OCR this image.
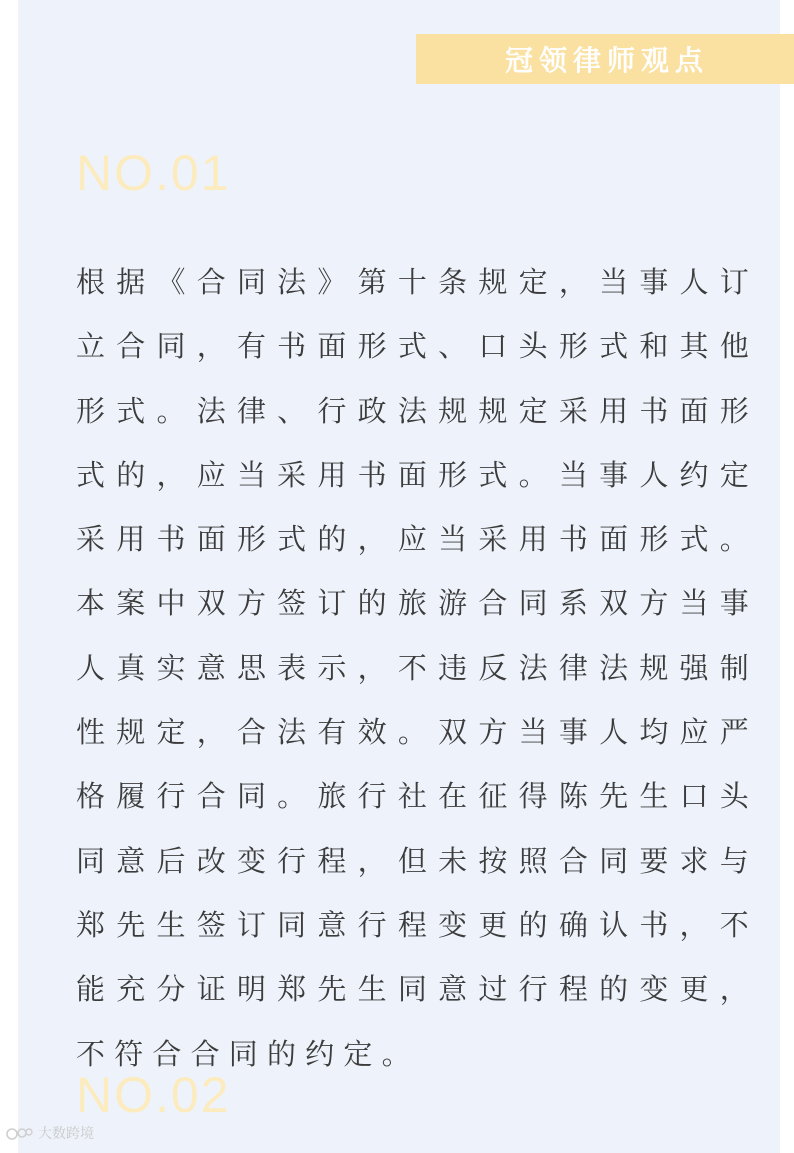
冠领律师观点
NO.01

根据《合同法》第十条规定，当事人订立合同，有书面形式、口头形式和其他形式。法律、行政法规规定采用书面形式的，应当采用书面形式。当事人约定采用书面形式的，应当采用书面形式。本案中双方签订的旅游合同系双方当事人真实意思表示，不违反法律法规强制性规定，合法有效。双方当事人均应严格履行合同。旅行社在征得陈先生口头同意后改变行程，但未按照合同要求与郑先生签订同意行程变更的确认书，不能充分证明郑先生同意过行程的变更，不符合合同的约定。

NO.02
大数跨境
